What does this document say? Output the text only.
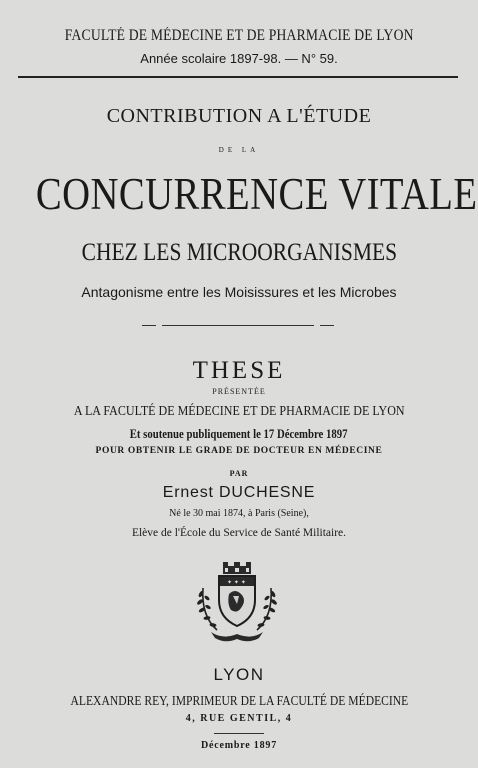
FACULTÉ DE MÉDECINE ET DE PHARMACIE DE LYON
Année scolaire 1897-98. — N° 59.
CONTRIBUTION A L'ÉTUDE
DE LA
CONCURRENCE VITALE
CHEZ LES MICROORGANISMES
Antagonisme entre les Moisissures et les Microbes
THESE
PRÉSENTÉE
A LA FACULTÉ DE MÉDECINE ET DE PHARMACIE DE LYON
Et soutenue publiquement le 17 Décembre 1897
POUR OBTENIR LE GRADE DE DOCTEUR EN MÉDECINE
PAR
Ernest DUCHESNE
Né le 30 mai 1874, à Paris (Seine),
Elève de l'École du Service de Santé Militaire.
✦ ✦ ✦
LYON
ALEXANDRE REY, IMPRIMEUR DE LA FACULTÉ DE MÉDECINE
4, RUE GENTIL, 4
Décembre 1897
